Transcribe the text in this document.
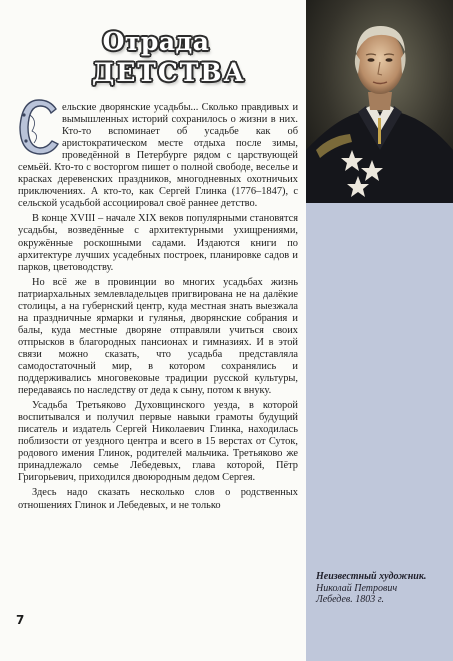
Отрада
ДЕТСТВА
С

ельские дворянские усадьбы... Сколько правдивых и вымышленных историй сохранилось о жизни в них. Кто-то вспоминает об усадьбе как об аристократическом месте отдыха после зимы, проведённой в Петербурге рядом с царствующей семьёй. Кто-то с восторгом пишет о полной свободе, веселье и красках деревенских праздников, многодневных охотничьих приключениях. А кто-то, как Сергей Глинка (1776–1847), с сельской усадьбой ассоциировал своё раннее детство.

В конце XVIII – начале XIX веков популярными становятся усадьбы, возведённые с архитектурными ухищрениями, окружённые роскошными садами. Издаются книги по архитектуре лучших усадебных построек, планировке садов и парков, цветоводству.

Но всё же в провинции во многих усадьбах жизнь патриархальных землевладельцев пригвирована не на далёкие столицы, а на губернский центр, куда местная знать выезжала на праздничные ярмарки и гулянья, дворянские собрания и балы, куда местные дворяне отправляли учиться своих отпрысков в благородных пансионах и гимназиях. И в этой связи можно сказать, что усадьба представляла самодостаточный мир, в котором сохранялись и поддерживались многовековые традиции русской культуры, передаваясь по наследству от деда к сыну, потом к внуку.

Усадьба Третьяково Духовщинского уезда, в которой воспитывался и получил первые навыки грамоты будущий писатель и издатель Сергей Николаевич Глинка, находилась поблизости от уездного центра и всего в 15 верстах от Суток, родового имения Глинок, родителей мальчика. Третьяково же принадлежало семье Лебедевых, глава которой, Пётр Григорьевич, приходился двоюродным дедом Сергея.

Здесь надо сказать несколько слов о родственных отношениях Глинок и Лебедевых, и не только

Неизвестный художник.
Николай Петрович
Лебедев. 1803 г.
7
